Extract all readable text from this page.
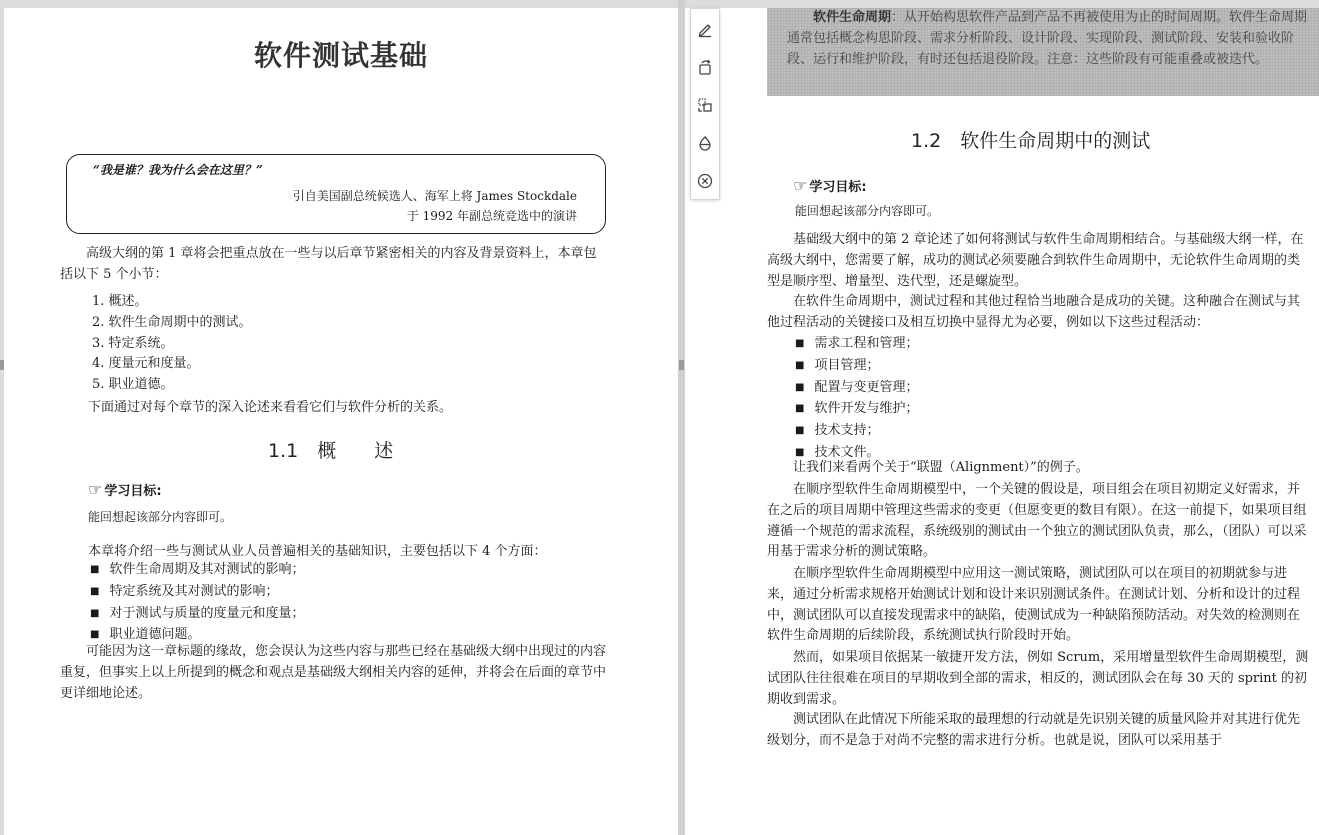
软件测试基础
“我是谁？我为什么会在这里？”
引自美国副总统候选人、海军上将 James Stockdale
于 1992 年副总统竞选中的演讲

高级大纲的第 1 章将会把重点放在一些与以后章节紧密相关的内容及背景资料上，本章包括以下 5 个小节：

1. 概述。
2. 软件生命周期中的测试。
3. 特定系统。
4. 度量元和度量。
5. 职业道德。

下面通过对每个章节的深入论述来看看它们与软件分析的关系。

1.1　概　　述
☞ 学习目标:
能回想起该部分内容即可。

本章将介绍一些与测试从业人员普遍相关的基础知识，主要包括以下 4 个方面：

■ 软件生命周期及其对测试的影响；
■ 特定系统及其对测试的影响；
■ 对于测试与质量的度量元和度量；
■ 职业道德问题。

可能因为这一章标题的缘故，您会误认为这些内容与那些已经在基础级大纲中出现过的内容重复，但事实上以上所提到的概念和观点是基础级大纲相关内容的延伸，并将会在后面的章节中更详细地论述。

软件生命周期：从开始构思软件产品到产品不再被使用为止的时间周期。软件生命周期通常包括概念构思阶段、需求分析阶段、设计阶段、实现阶段、测试阶段、安装和验收阶段、运行和维护阶段，有时还包括退役阶段。注意：这些阶段有可能重叠或被迭代。

1.2　软件生命周期中的测试
☞ 学习目标:
能回想起该部分内容即可。

基础级大纲中的第 2 章论述了如何将测试与软件生命周期相结合。与基础级大纲一样，在高级大纲中，您需要了解，成功的测试必须要融合到软件生命周期中，无论软件生命周期的类型是顺序型、增量型、迭代型，还是螺旋型。

在软件生命周期中，测试过程和其他过程恰当地融合是成功的关键。这种融合在测试与其他过程活动的关键接口及相互切换中显得尤为必要，例如以下这些过程活动：

■ 需求工程和管理；
■ 项目管理；
■ 配置与变更管理；
■ 软件开发与维护；
■ 技术支持；
■ 技术文件。

让我们来看两个关于“联盟（Alignment）”的例子。

在顺序型软件生命周期模型中，一个关键的假设是，项目组会在项目初期定义好需求，并在之后的项目周期中管理这些需求的变更（但愿变更的数目有限）。在这一前提下，如果项目组遵循一个规范的需求流程，系统级别的测试由一个独立的测试团队负责，那么，（团队）可以采用基于需求分析的测试策略。

在顺序型软件生命周期模型中应用这一测试策略，测试团队可以在项目的初期就参与进来，通过分析需求规格开始测试计划和设计来识别测试条件。在测试计划、分析和设计的过程中，测试团队可以直接发现需求中的缺陷，使测试成为一种缺陷预防活动。对失效的检测则在软件生命周期的后续阶段，系统测试执行阶段时开始。

然而，如果项目依据某一敏捷开发方法，例如 Scrum，采用增量型软件生命周期模型，测试团队往往很难在项目的早期收到全部的需求，相反的，测试团队会在每 30 天的 sprint 的初期收到需求。

测试团队在此情况下所能采取的最理想的行动就是先识别关键的质量风险并对其进行优先级划分，而不是急于对尚不完整的需求进行分析。也就是说，团队可以采用基于
